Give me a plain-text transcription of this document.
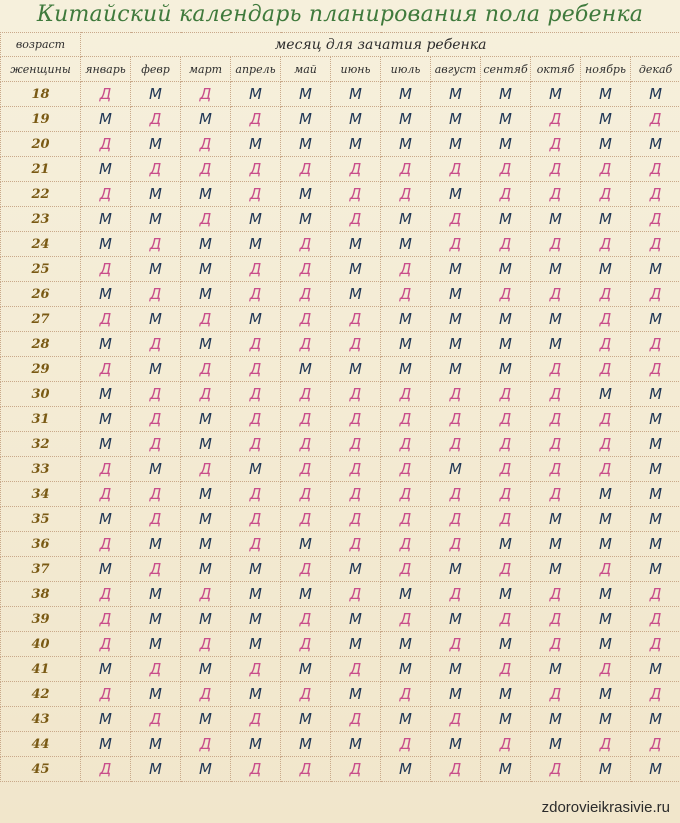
Китайский календарь планирования пола ребенка
возраст	месяц для зачатия ребенка											
женщины	январь	февр	март	апрель	май	июнь	июль	август	сентяб	октяб	ноябрь	декаб
18	Д	М	Д	М	М	М	М	М	М	М	М	М
19	М	Д	М	Д	М	М	М	М	М	Д	М	Д
20	Д	М	Д	М	М	М	М	М	М	Д	М	М
21	М	Д	Д	Д	Д	Д	Д	Д	Д	Д	Д	Д
22	Д	М	М	Д	М	Д	Д	М	Д	Д	Д	Д
23	М	М	Д	М	М	Д	М	Д	М	М	М	Д
24	М	Д	М	М	Д	М	М	Д	Д	Д	Д	Д
25	Д	М	М	Д	Д	М	Д	М	М	М	М	М
26	М	Д	М	Д	Д	М	Д	М	Д	Д	Д	Д
27	Д	М	Д	М	Д	Д	М	М	М	М	Д	М
28	М	Д	М	Д	Д	Д	М	М	М	М	Д	Д
29	Д	М	Д	Д	М	М	М	М	М	Д	Д	Д
30	М	Д	Д	Д	Д	Д	Д	Д	Д	Д	М	М
31	М	Д	М	Д	Д	Д	Д	Д	Д	Д	Д	М
32	М	Д	М	Д	Д	Д	Д	Д	Д	Д	Д	М
33	Д	М	Д	М	Д	Д	Д	М	Д	Д	Д	М
34	Д	Д	М	Д	Д	Д	Д	Д	Д	Д	М	М
35	М	Д	М	Д	Д	Д	Д	Д	Д	М	М	М
36	Д	М	М	Д	М	Д	Д	Д	М	М	М	М
37	М	Д	М	М	Д	М	Д	М	Д	М	Д	М
38	Д	М	Д	М	М	Д	М	Д	М	Д	М	Д
39	Д	М	М	М	Д	М	Д	М	Д	Д	М	Д
40	Д	М	Д	М	Д	М	М	Д	М	Д	М	Д
41	М	Д	М	Д	М	Д	М	М	Д	М	Д	М
42	Д	М	Д	М	Д	М	Д	М	М	Д	М	Д
43	М	Д	М	Д	М	Д	М	Д	М	М	М	М
44	М	М	Д	М	М	М	Д	М	Д	М	Д	Д
45	Д	М	М	Д	Д	Д	М	Д	М	Д	М	М
zdorovieikrasivie.ru
